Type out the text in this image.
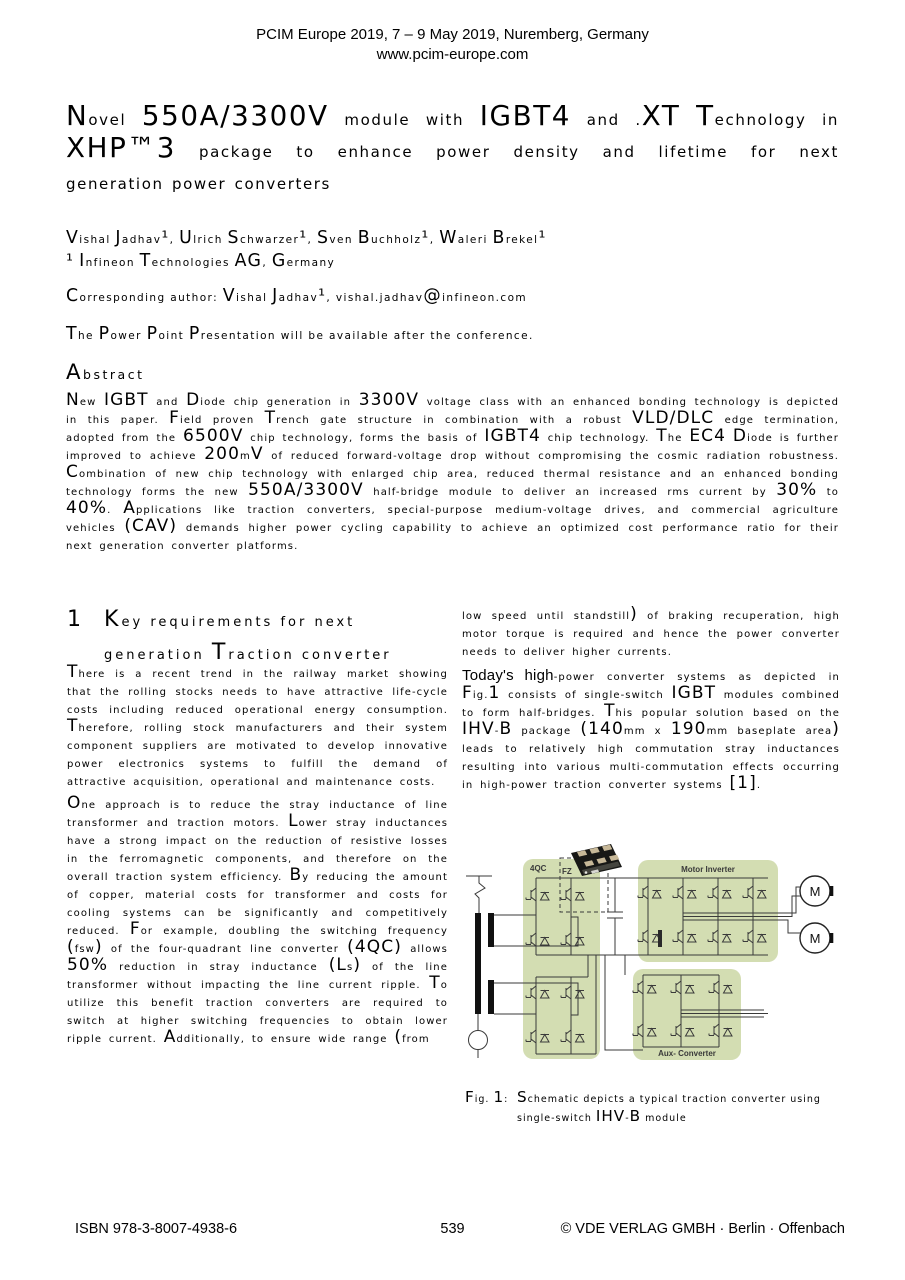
PCIM Europe 2019, 7 – 9 May 2019, Nuremberg, Germany
www.pcim-europe.com
Novel 550A/3300V module with IGBT4 and .XT Technology in
XHP™3 package to enhance power density and lifetime for next
generation power converters
Vishal Jadhav¹, Ulrich Schwarzer¹, Sven Buchholz¹, Waleri Brekel¹
¹ Infineon Technologies AG, Germany
Corresponding author: Vishal Jadhav¹, vishal.jadhav@infineon.com
The Power Point Presentation will be available after the conference.
Abstract
New IGBT and Diode chip generation in 3300V voltage class with an enhanced bonding technology is depicted in this paper. Field proven Trench gate structure in combination with a robust VLD/DLC edge termination, adopted from the 6500V chip technology, forms the basis of IGBT4 chip technology. The EC4 Diode is further improved to achieve 200mV of reduced forward-voltage drop without compromising the cosmic radiation robustness. Combination of new chip technology with enlarged chip area, reduced thermal resistance and an enhanced bonding technology forms the new 550A/3300V half-bridge module to deliver an increased rms current by 30% to 40%. Applications like traction converters, special-purpose medium-voltage drives, and commercial agriculture vehicles (CAV) demands higher power cycling capability to achieve an optimized cost performance ratio for their next generation converter platforms.
1 Key requirements for next
generation Traction converter

There is a recent trend in the railway market showing that the rolling stocks needs to have attractive life-cycle costs including reduced operational energy consumption. Therefore, rolling stock manufacturers and their system component suppliers are motivated to develop innovative power electronics systems to fulfill the demand of attractive acquisition, operational and maintenance costs.

One approach is to reduce the stray inductance of line transformer and traction motors. Lower stray inductances have a strong impact on the reduction of resistive losses in the ferromagnetic components, and therefore on the overall traction system efficiency. By reducing the amount of copper, material costs for transformer and costs for cooling systems can be significantly and competitively reduced. For example, doubling the switching frequency (fsw) of the four-quadrant line converter (4QC) allows 50% reduction in stray inductance (Ls) of the line transformer without impacting the line current ripple. To utilize this benefit traction converters are required to switch at higher switching frequencies to obtain lower ripple current. Additionally, to ensure wide range (from

low speed until standstill) of braking recuperation, high motor torque is required and hence the power converter needs to deliver higher currents.

Today's high-power converter systems as depicted in Fig.1 consists of single-switch IGBT modules combined to form half-bridges. This popular solution based on the IHV-B package (140mm x 190mm baseplate area) leads to relatively high commutation stray inductances resulting into various multi-commutation effects occurring in high-power traction converter systems [1].

M
M
4QC FZ	Motor Inverter
Aux- Converter
Fig. 1: Schematic depicts a typical traction converter using single-switch IHV-B module
539
ISBN 978-3-8007-4938-6	© VDE VERLAG GMBH · Berlin · Offenbach
